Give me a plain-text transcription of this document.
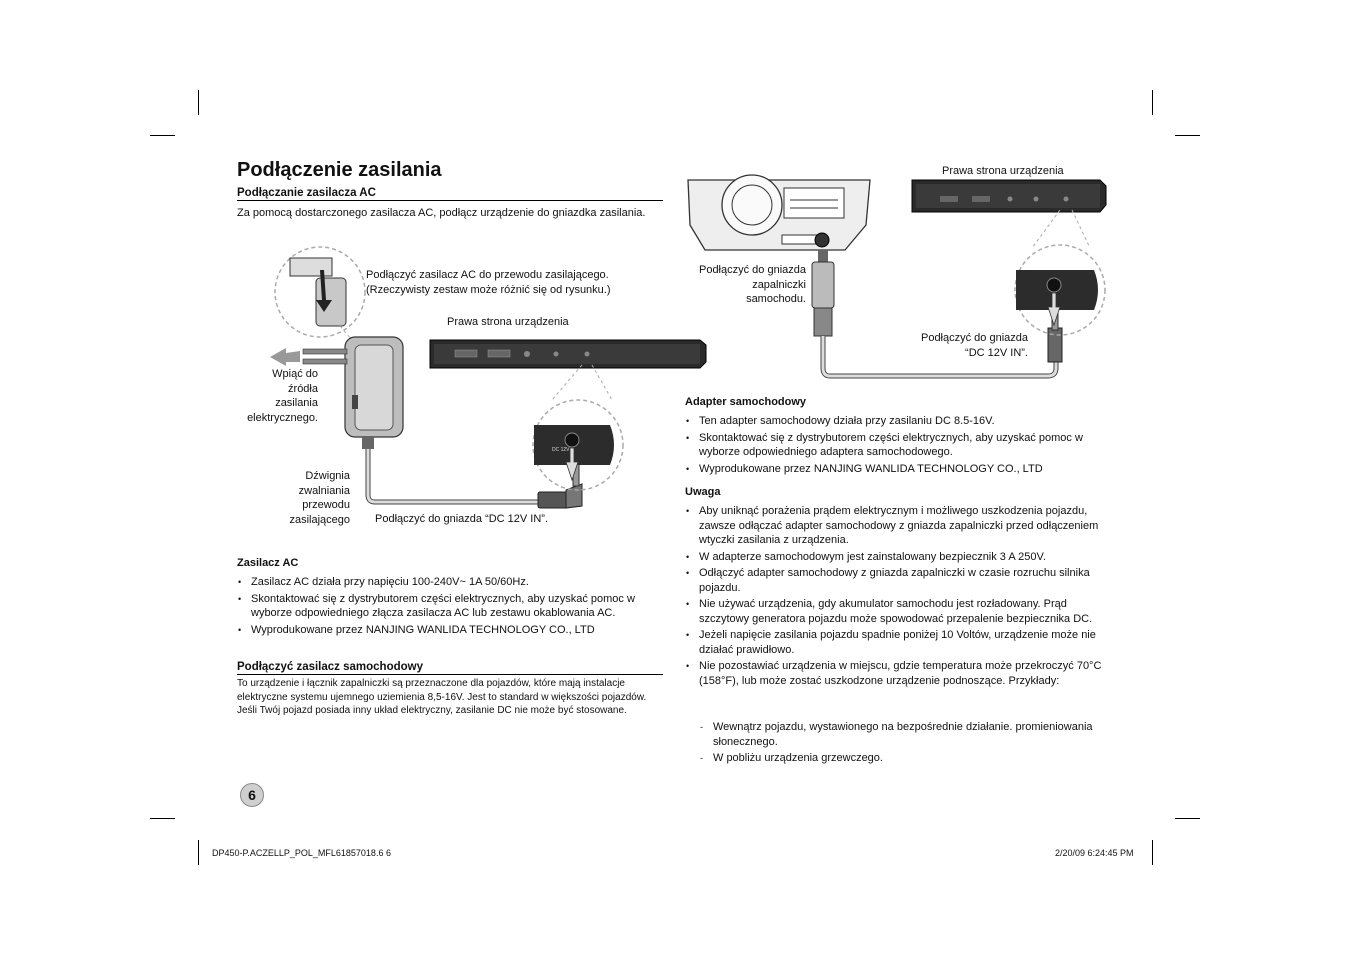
Podłączenie zasilania
Podłączanie zasilacza AC
Za pomocą dostarczonego zasilacza AC, podłącz urządzenie do gniazdka zasilania.
DC 12V
Podłączyć zasilacz AC do przewodu zasilającego.
(Rzeczywisty zestaw może różnić się od rysunku.)
Prawa strona urządzenia
Wpiąć do
źródła
zasilania
elektrycznego.
Dźwignia
zwalniania
przewodu
zasilającego Podłączyć do gniazda “DC 12V IN”.
Zasilacz AC
• Zasilacz AC działa przy napięciu 100-240V~ 1A 50/60Hz.
• Skontaktować się z dystrybutorem części elektrycznych, aby uzyskać pomoc w wyborze odpowiedniego złącza zasilacza AC lub zestawu okablowania AC.
• Wyprodukowane przez NANJING WANLIDA TECHNOLOGY CO., LTD
Podłączyć zasilacz samochodowy
To urządzenie i łącznik zapalniczki są przeznaczone dla pojazdów, które mają instalacje elektryczne systemu ujemnego uziemienia 8,5-16V. Jest to standard w większości pojazdów. Jeśli Twój pojazd posiada inny układ elektryczny, zasilanie DC nie może być stosowane.
6
Prawa strona urządzenia
Podłączyć do gniazda
zapalniczki
samochodu.
Podłączyć do gniazda
“DC 12V IN”.
Adapter samochodowy
• Ten adapter samochodowy działa przy zasilaniu DC 8.5-16V.
• Skontaktować się z dystrybutorem części elektrycznych, aby uzyskać pomoc w wyborze odpowiedniego adaptera samochodowego.
• Wyprodukowane przez NANJING WANLIDA TECHNOLOGY CO., LTD
Uwaga
• Aby uniknąć porażenia prądem elektrycznym i możliwego uszkodzenia pojazdu, zawsze odłączać adapter samochodowy z gniazda zapalniczki przed odłączeniem wtyczki zasilania z urządzenia.
• W adapterze samochodowym jest zainstalowany bezpiecznik 3 A 250V.
• Odłączyć adapter samochodowy z gniazda zapalniczki w czasie rozruchu silnika pojazdu.
• Nie używać urządzenia, gdy akumulator samochodu jest rozładowany. Prąd szczytowy generatora pojazdu może spowodować przepalenie bezpiecznika DC.
• Jeżeli napięcie zasilania pojazdu spadnie poniżej 10 Voltów, urządzenie może nie działać prawidłowo.
• Nie pozostawiać urządzenia w miejscu, gdzie temperatura może przekroczyć 70°C (158°F), lub może zostać uszkodzone urządzenie podnoszące. Przykłady:
- Wewnątrz pojazdu, wystawionego na bezpośrednie działanie. promieniowania słonecznego.
- W pobliżu urządzenia grzewczego.
DP450-P.ACZELLP_POL_MFL61857018.6 6	2/20/09 6:24:45 PM
